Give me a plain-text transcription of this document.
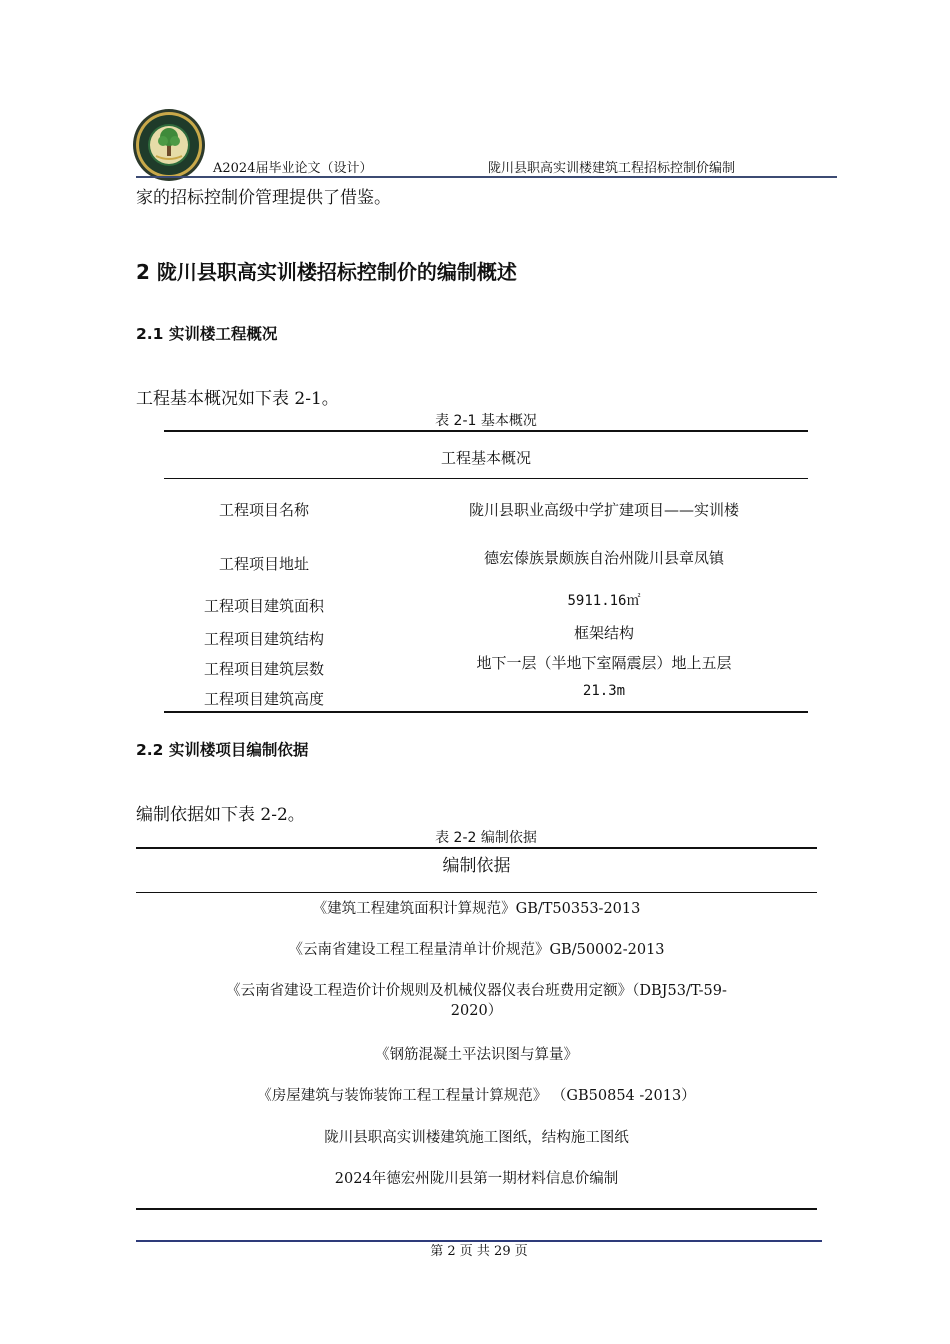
A2024届毕业论文（设计）	陇川县职高实训楼建筑工程招标控制价编制
家的招标控制价管理提供了借鉴。
2 陇川县职高实训楼招标控制价的编制概述
2.1 实训楼工程概况
工程基本概况如下表 2-1。
表 2-1 基本概况
工程基本概况
工程项目名称	陇川县职业高级中学扩建项目——实训楼
工程项目地址	德宏傣族景颇族自治州陇川县章凤镇
工程项目建筑面积	5911.16㎡
工程项目建筑结构	框架结构
工程项目建筑层数	地下一层（半地下室隔震层）地上五层
工程项目建筑高度	21.3m
2.2 实训楼项目编制依据
编制依据如下表 2-2。
表 2-2 编制依据
编制依据
《建筑工程建筑面积计算规范》GB/T50353-2013
《云南省建设工程工程量清单计价规范》GB/50002-2013
《云南省建设工程造价计价规则及机械仪器仪表台班费用定额》（DBJ53/T-59-
2020）
《钢筋混凝土平法识图与算量》
《房屋建筑与装饰装饰工程工程量计算规范》 （GB50854 -2013）
陇川县职高实训楼建筑施工图纸，结构施工图纸
2024年德宏州陇川县第一期材料信息价编制
第 2 页 共 29 页
